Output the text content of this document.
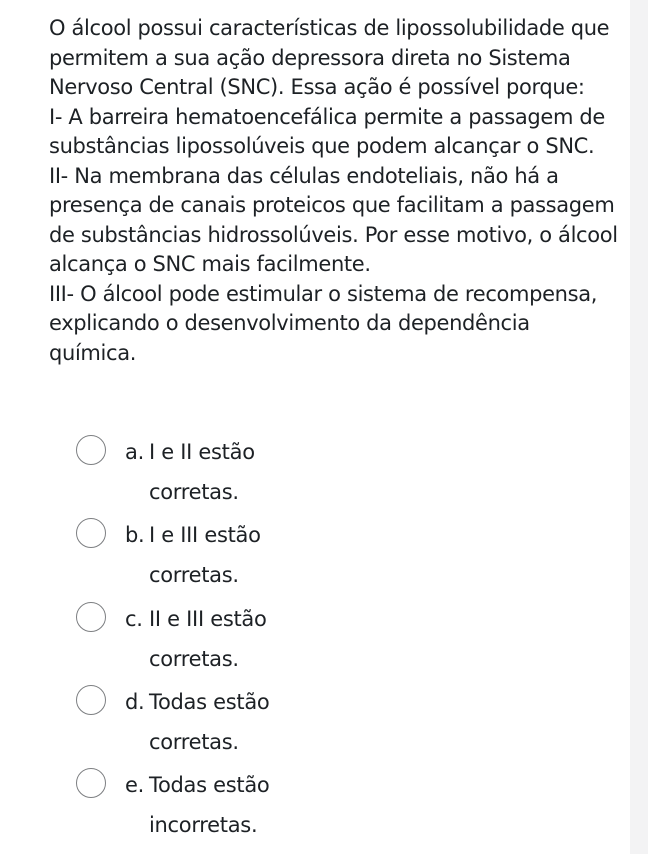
O álcool possui características de lipossolubilidade que permitem a sua ação depressora direta no Sistema Nervoso Central (SNC). Essa ação é possível porque:

I- A barreira hematoencefálica permite a passagem de substâncias lipossolúveis que podem alcançar o SNC.

II- Na membrana das células endoteliais, não há a presença de canais proteicos que facilitam a passagem de substâncias hidrossolúveis. Por esse motivo, o álcool alcança o SNC mais facilmente.

III- O álcool pode estimular o sistema de recompensa, explicando o desenvolvimento da dependência química.

a. I e II estão corretas.
b. I e III estão corretas.
c. II e III estão corretas.
d. Todas estão corretas.
e. Todas estão incorretas.
